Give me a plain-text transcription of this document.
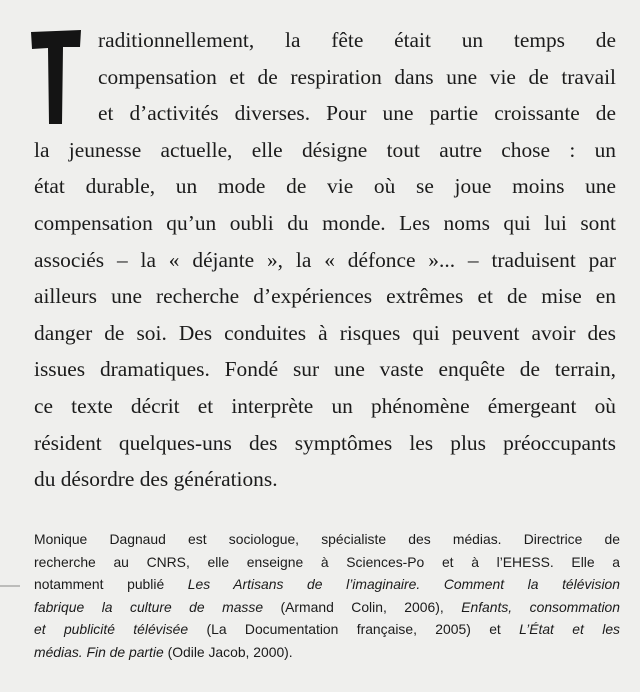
raditionnellement, la fête était un temps de
compensation et de respiration dans une vie de travail
et d’activités diverses. Pour une partie croissante de
la jeunesse actuelle, elle désigne tout autre chose : un
état durable, un mode de vie où se joue moins une
compensation qu’un oubli du monde. Les noms qui lui sont
associés – la « déjante », la « défonce »... – traduisent par
ailleurs une recherche d’expériences extrêmes et de mise en
danger de soi. Des conduites à risques qui peuvent avoir des
issues dramatiques. Fondé sur une vaste enquête de terrain,
ce texte décrit et interprète un phénomène émergeant où
résident quelques-uns des symptômes les plus préoccupants
du désordre des générations.
Monique Dagnaud est sociologue, spécialiste des médias. Directrice de
recherche au CNRS, elle enseigne à Sciences-Po et à l’EHESS. Elle a
notamment publié Les Artisans de l’imaginaire. Comment la télévision
fabrique la culture de masse (Armand Colin, 2006), Enfants, consommation
et publicité télévisée (La Documentation française, 2005) et L’État et les
médias. Fin de partie (Odile Jacob, 2000).
